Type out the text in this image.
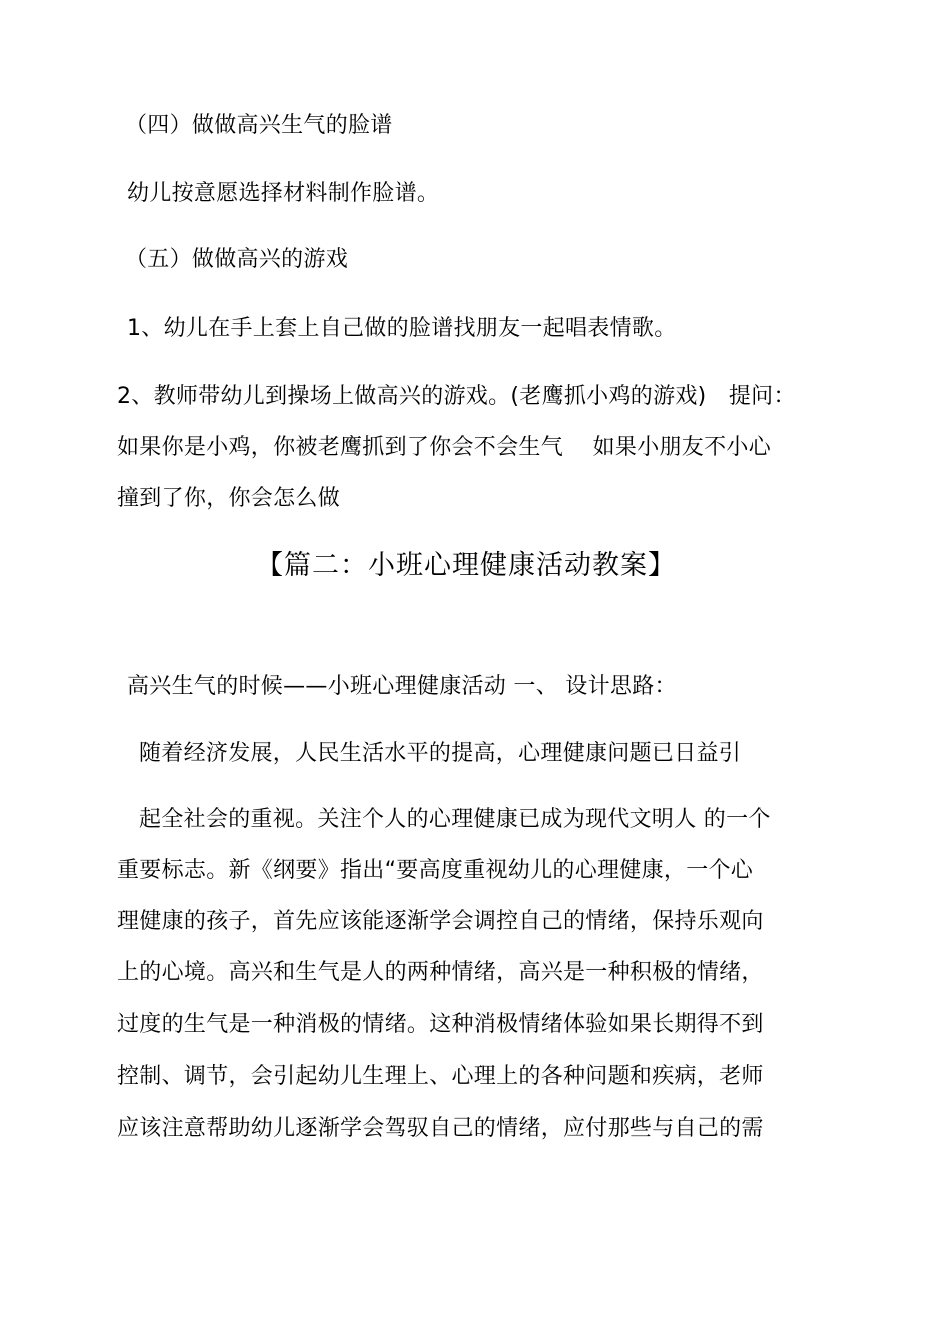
（四）做做高兴生气的脸谱
幼儿按意愿选择材料制作脸谱。
（五）做做高兴的游戏
1、幼儿在手上套上自己做的脸谱找朋友一起唱表情歌。
2、教师带幼儿到操场上做高兴的游戏。(老鹰抓小鸡的游戏)　提问：
如果你是小鸡，你被老鹰抓到了你会不会生气　 如果小朋友不小心
撞到了你，你会怎么做
【篇二：小班心理健康活动教案】
高兴生气的时候——小班心理健康活动 一、 设计思路：
随着经济发展，人民生活水平的提高，心理健康问题已日益引
起全社会的重视。关注个人的心理健康已成为现代文明人 的一个
重要标志。新《纲要》指出“要高度重视幼儿的心理健康，一个心
理健康的孩子，首先应该能逐渐学会调控自己的情绪，保持乐观向
上的心境。高兴和生气是人的两种情绪，高兴是一种积极的情绪，
过度的生气是一种消极的情绪。这种消极情绪体验如果长期得不到
控制、调节，会引起幼儿生理上、心理上的各种问题和疾病，老师
应该注意帮助幼儿逐渐学会驾驭自己的情绪，应付那些与自己的需
